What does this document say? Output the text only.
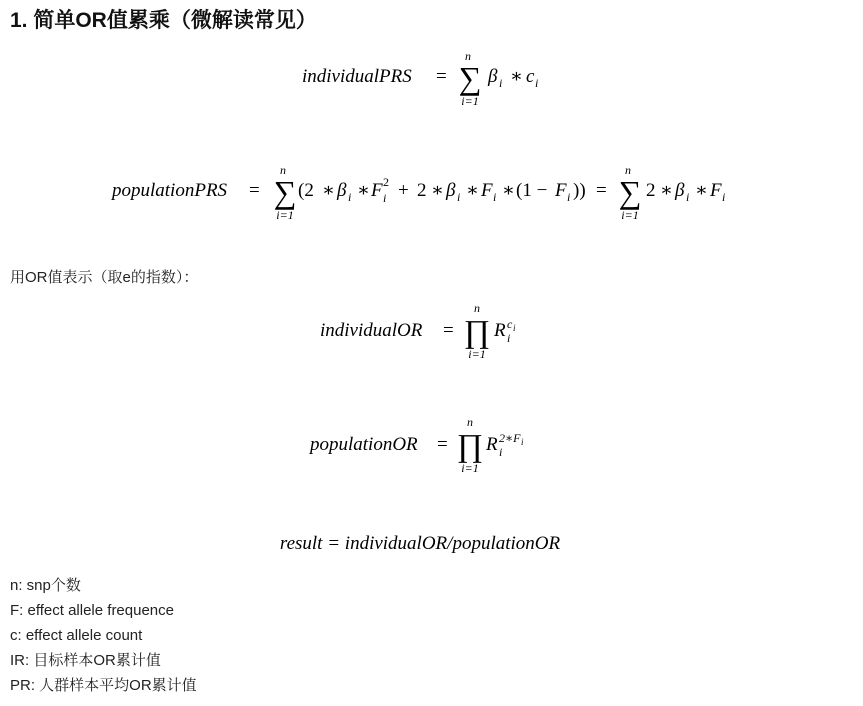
1. 简单OR值累乘（微解读常见）
individualPRS =
n
∑
i=1
β i ∗ c i
populationPRS =
n
∑
i=1
(2 ∗ β i ∗ F 2
i + 2 ∗ β i ∗ F i ∗ (1 − F i )) =
n
∑
i=1
2 ∗ β i ∗ F i

用OR值表示（取e的指数）：

individualOR =
n
∏
i=1
R c i
i
populationOR =
n
∏
i=1
R 2∗F i
i
result = individualOR/populationOR
n: snp个数
F: effect allele frequence
c: effect allele count
IR: 目标样本OR累计值
PR: 人群样本平均OR累计值
